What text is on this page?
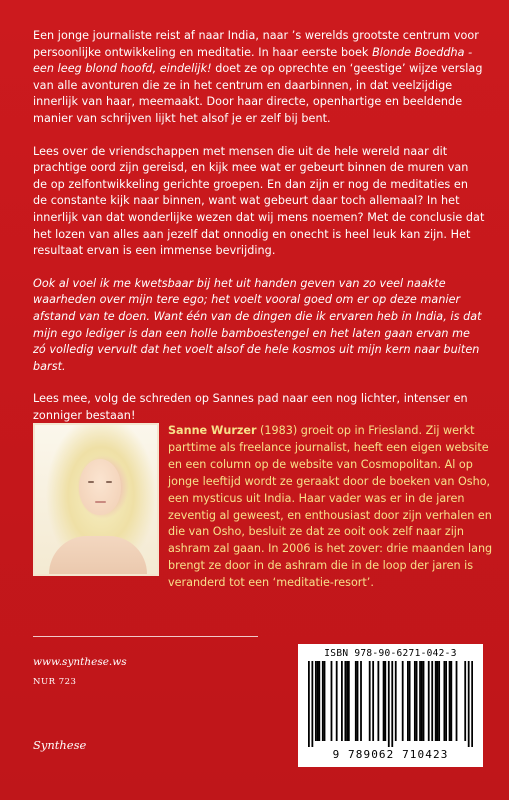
Een jonge journaliste reist af naar India, naar ’s werelds grootste centrum voor persoonlijke ontwikkeling en meditatie. In haar eerste boek Blonde Boeddha - een leeg blond hoofd, eindelijk! doet ze op oprechte en ‘geestige’ wijze verslag van alle avonturen die ze in het centrum en daarbinnen, in dat veelzijdige innerlijk van haar, meemaakt. Door haar directe, openhartige en beeldende manier van schrijven lijkt het alsof je er zelf bij bent.

Lees over de vriendschappen met mensen die uit de hele wereld naar dit prachtige oord zijn gereisd, en kijk mee wat er gebeurt binnen de muren van de op zelfontwikkeling gerichte groepen. En dan zijn er nog de meditaties en de constante kijk naar binnen, want wat gebeurt daar toch allemaal? In het innerlijk van dat wonderlijke wezen dat wij mens noemen? Met de conclusie dat het lozen van alles aan jezelf dat onnodig en onecht is heel leuk kan zijn. Het resultaat ervan is een immense bevrijding.

Ook al voel ik me kwetsbaar bij het uit handen geven van zo veel naakte waarheden over mijn tere ego; het voelt vooral goed om er op deze manier afstand van te doen. Want één van de dingen die ik ervaren heb in India, is dat mijn ego lediger is dan een holle bamboestengel en het laten gaan ervan me zó volledig vervult dat het voelt alsof de hele kosmos uit mijn kern naar buiten barst.

Lees mee, volg de schreden op Sannes pad naar een nog lichter, intenser en zonniger bestaan!

Sanne Wurzer (1983) groeit op in Friesland. Zij werkt parttime als freelance journalist, heeft een eigen website en een column op de website van Cosmopolitan. Al op jonge leeftijd wordt ze geraakt door de boeken van Osho, een mysticus uit India. Haar vader was er in de jaren zeventig al geweest, en enthousiast door zijn verhalen en die van Osho, besluit ze dat ze ooit ook zelf naar zijn ashram zal gaan. In 2006 is het zover: drie maanden lang brengt ze door in de ashram die in de loop der jaren is veranderd tot een ‘meditatie-resort’.
www.synthese.ws
NUR 723
Synthese
ISBN 978-90-6271-042-3
9 789062 710423
